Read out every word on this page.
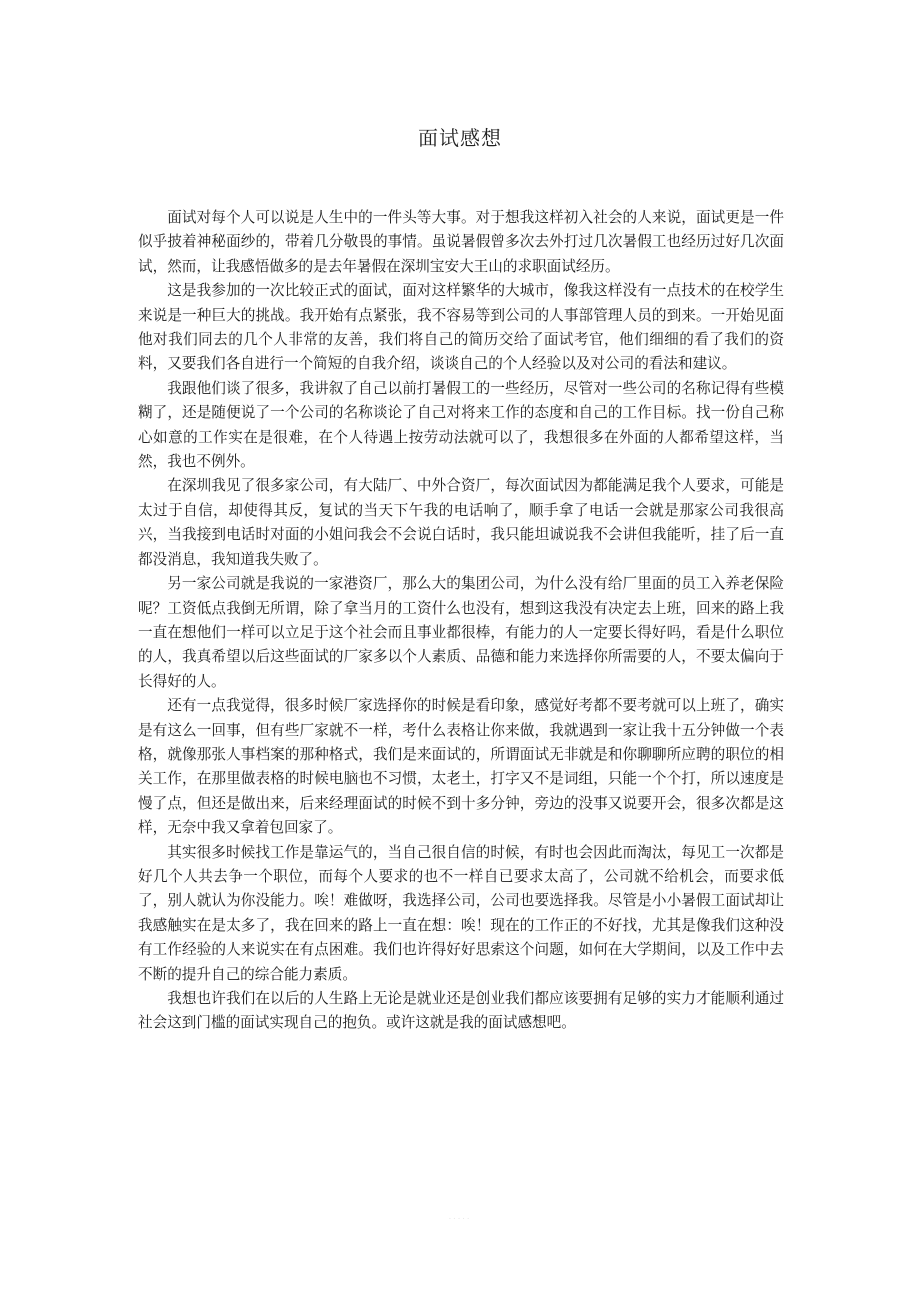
面试感想

面试对每个人可以说是人生中的一件头等大事。对于想我这样初入社会的人来说，面试更是一件似乎披着神秘面纱的，带着几分敬畏的事情。虽说暑假曾多次去外打过几次暑假工也经历过好几次面试，然而，让我感悟做多的是去年暑假在深圳宝安大王山的求职面试经历。

这是我参加的一次比较正式的面试，面对这样繁华的大城市，像我这样没有一点技术的在校学生来说是一种巨大的挑战。我开始有点紧张，我不容易等到公司的人事部管理人员的到来。一开始见面他对我们同去的几个人非常的友善，我们将自己的简历交给了面试考官，他们细细的看了我们的资料，又要我们各自进行一个简短的自我介绍，谈谈自己的个人经验以及对公司的看法和建议。

我跟他们谈了很多，我讲叙了自己以前打暑假工的一些经历，尽管对一些公司的名称记得有些模糊了，还是随便说了一个公司的名称谈论了自己对将来工作的态度和自己的工作目标。找一份自己称心如意的工作实在是很难，在个人待遇上按劳动法就可以了，我想很多在外面的人都希望这样，当然，我也不例外。

在深圳我见了很多家公司，有大陆厂、中外合资厂，每次面试因为都能满足我个人要求，可能是太过于自信，却使得其反，复试的当天下午我的电话响了，顺手拿了电话一会就是那家公司我很高兴，当我接到电话时对面的小姐问我会不会说白话时，我只能坦诚说我不会讲但我能听，挂了后一直都没消息，我知道我失败了。

另一家公司就是我说的一家港资厂，那么大的集团公司，为什么没有给厂里面的员工入养老保险呢？工资低点我倒无所谓，除了拿当月的工资什么也没有，想到这我没有决定去上班，回来的路上我一直在想他们一样可以立足于这个社会而且事业都很棒，有能力的人一定要长得好吗，看是什么职位的人，我真希望以后这些面试的厂家多以个人素质、品德和能力来选择你所需要的人，不要太偏向于长得好的人。

还有一点我觉得，很多时候厂家选择你的时候是看印象，感觉好考都不要考就可以上班了，确实是有这么一回事，但有些厂家就不一样，考什么表格让你来做，我就遇到一家让我十五分钟做一个表格，就像那张人事档案的那种格式，我们是来面试的，所谓面试无非就是和你聊聊所应聘的职位的相关工作，在那里做表格的时候电脑也不习惯，太老土，打字又不是词组，只能一个个打，所以速度是慢了点，但还是做出来，后来经理面试的时候不到十多分钟，旁边的没事又说要开会，很多次都是这样，无奈中我又拿着包回家了。

其实很多时候找工作是靠运气的，当自己很自信的时候，有时也会因此而淘汰，每见工一次都是好几个人共去争一个职位，而每个人要求的也不一样自已要求太高了，公司就不给机会，而要求低了，别人就认为你没能力。唉！难做呀，我选择公司，公司也要选择我。尽管是小小暑假工面试却让我感触实在是太多了，我在回来的路上一直在想：唉！现在的工作正的不好找，尤其是像我们这种没有工作经验的人来说实在有点困难。我们也许得好好思索这个问题，如何在大学期间，以及工作中去不断的提升自己的综合能力素质。

我想也许我们在以后的人生路上无论是就业还是创业我们都应该要拥有足够的实力才能顺利通过社会这到门槛的面试实现自己的抱负。或许这就是我的面试感想吧。

.....
